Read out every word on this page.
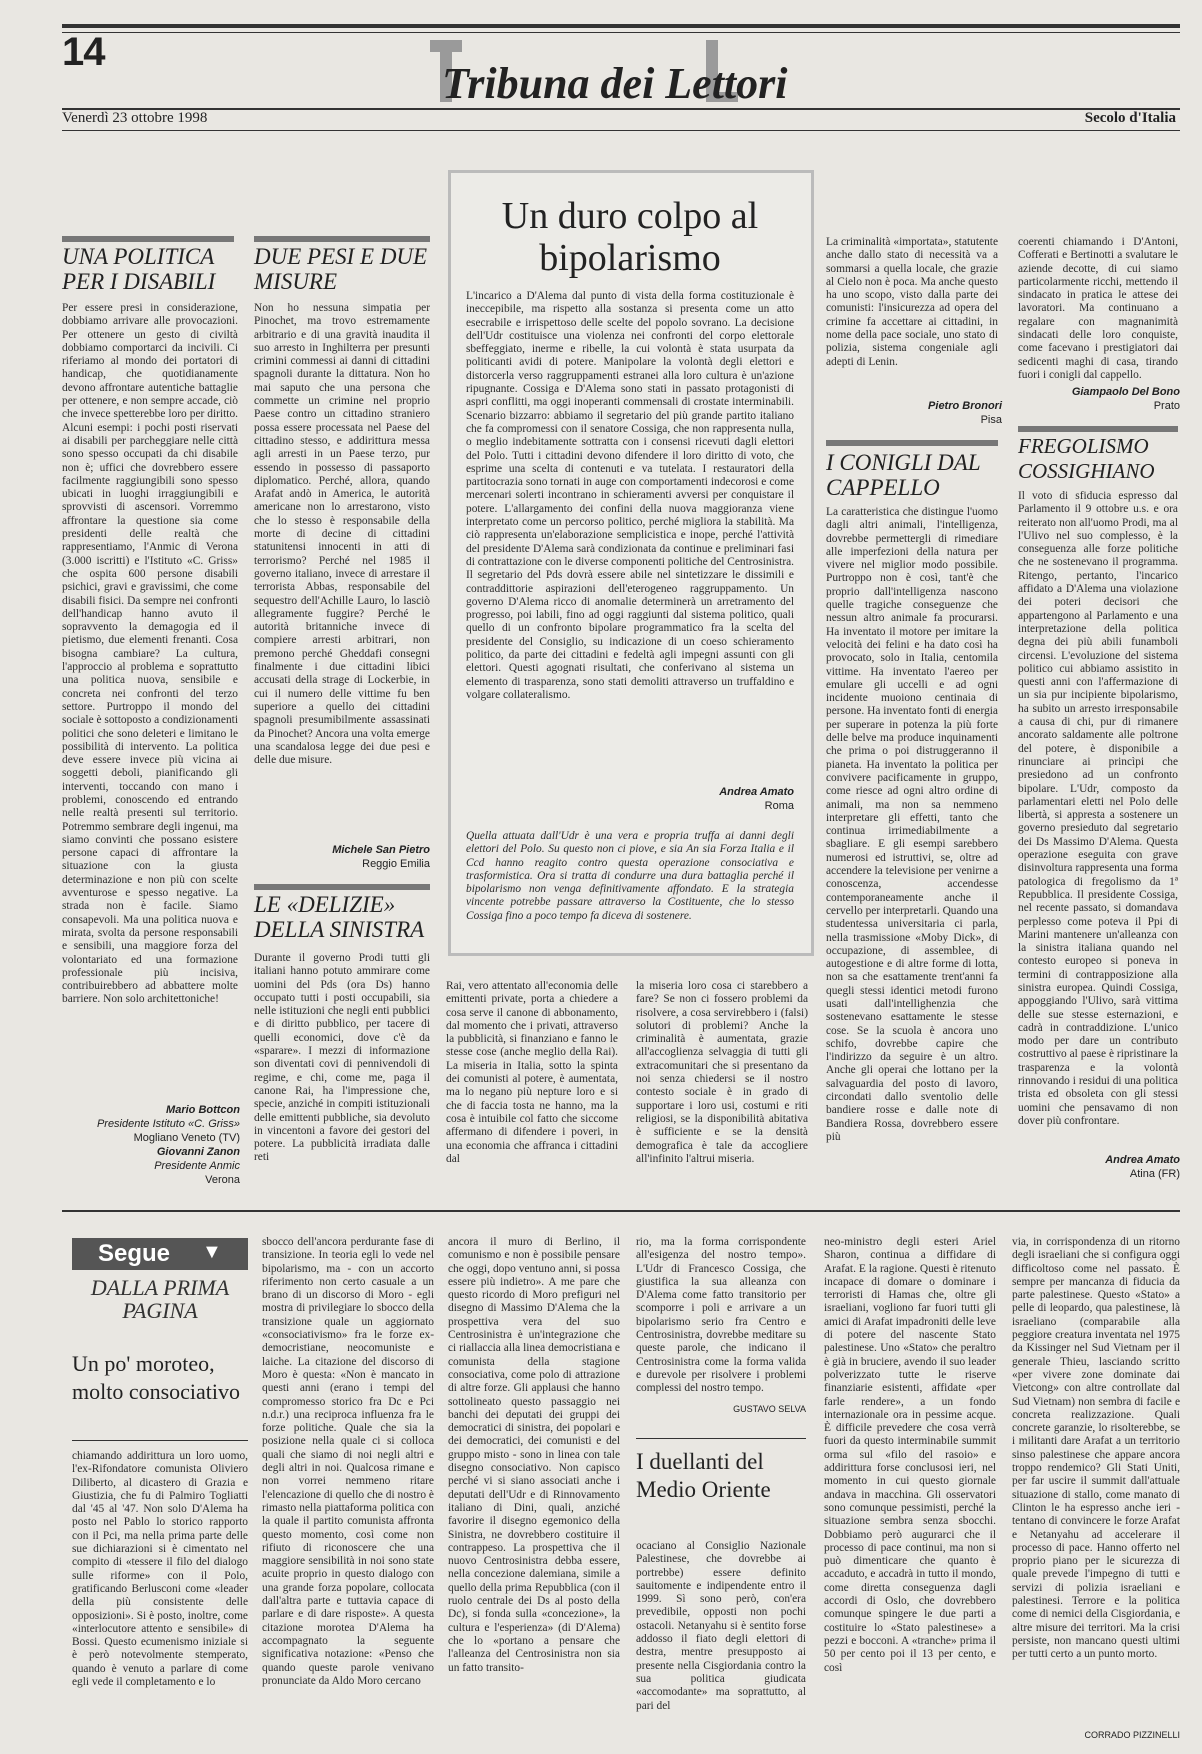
14
Tribuna dei Lettori
Venerdì 23 ottobre 1998	Secolo d'Italia
UNA POLITICA PER I DISABILI
Per essere presi in considerazione, dobbiamo arrivare alle provocazioni. Per ottenere un gesto di civiltà dobbiamo comportarci da incivili. Ci riferiamo al mondo dei portatori di handicap, che quotidianamente devono affrontare autentiche battaglie per ottenere, e non sempre accade, ciò che invece spetterebbe loro per diritto. Alcuni esempi: i pochi posti riservati ai disabili per parcheggiare nelle città sono spesso occupati da chi disabile non è; uffici che dovrebbero essere facilmente raggiungibili sono spesso ubicati in luoghi irraggiungibili e sprovvisti di ascensori. Vorremmo affrontare la questione sia come presidenti delle realtà che rappresentiamo, l'Anmic di Verona (3.000 iscritti) e l'Istituto «C. Griss» che ospita 600 persone disabili psichici, gravi e gravissimi, che come disabili fisici. Da sempre nei confronti dell'handicap hanno avuto il sopravvento la demagogia ed il pietismo, due elementi frenanti. Cosa bisogna cambiare? La cultura, l'approccio al problema e soprattutto una politica nuova, sensibile e concreta nei confronti del terzo settore. Purtroppo il mondo del sociale è sottoposto a condizionamenti politici che sono deleteri e limitano le possibilità di intervento. La politica deve essere invece più vicina ai soggetti deboli, pianificando gli interventi, toccando con mano i problemi, conoscendo ed entrando nelle realtà presenti sul territorio. Potremmo sembrare degli ingenui, ma siamo convinti che possano esistere persone capaci di affrontare la situazione con la giusta determinazione e non più con scelte avventurose e spesso negative. La strada non è facile. Siamo consapevoli. Ma una politica nuova e mirata, svolta da persone responsabili e sensibili, una maggiore forza del volontariato ed una formazione professionale più incisiva, contribuirebbero ad abbattere molte barriere. Non solo architettoniche!
Mario Bottcon
Presidente Istituto «C. Griss»
Mogliano Veneto (TV)
Giovanni Zanon
Presidente Anmic
Verona
DUE PESI E DUE MISURE
Non ho nessuna simpatia per Pinochet, ma trovo estremamente arbitrario e di una gravità inaudita il suo arresto in Inghilterra per presunti crimini commessi ai danni di cittadini spagnoli durante la dittatura. Non ho mai saputo che una persona che commette un crimine nel proprio Paese contro un cittadino straniero possa essere processata nel Paese del cittadino stesso, e addirittura messa agli arresti in un Paese terzo, pur essendo in possesso di passaporto diplomatico. Perché, allora, quando Arafat andò in America, le autorità americane non lo arrestarono, visto che lo stesso è responsabile della morte di decine di cittadini statunitensi innocenti in atti di terrorismo? Perché nel 1985 il governo italiano, invece di arrestare il terrorista Abbas, responsabile del sequestro dell'Achille Lauro, lo lasciò allegramente fuggire? Perché le autorità britanniche invece di compiere arresti arbitrari, non premono perché Gheddafi consegni finalmente i due cittadini libici accusati della strage di Lockerbie, in cui il numero delle vittime fu ben superiore a quello dei cittadini spagnoli presumibilmente assassinati da Pinochet? Ancora una volta emerge una scandalosa legge dei due pesi e delle due misure.
Michele San Pietro
Reggio Emilia
LE «DELIZIE» DELLA SINISTRA
Durante il governo Prodi tutti gli italiani hanno potuto ammirare come uomini del Pds (ora Ds) hanno occupato tutti i posti occupabili, sia nelle istituzioni che negli enti pubblici e di diritto pubblico, per tacere di quelli economici, dove c'è da «sparare». I mezzi di informazione son diventati covi di pennivendoli di regime, e chi, come me, paga il canone Rai, ha l'impressione che, specie, anziché in compiti istituzionali delle emittenti pubbliche, sia devoluto in vincentoni a favore dei gestori del potere. La pubblicità irradiata dalle reti
Un duro colpo al bipolarismo
L'incarico a D'Alema dal punto di vista della forma costituzionale è ineccepibile, ma rispetto alla sostanza si presenta come un atto esecrabile e irrispettoso delle scelte del popolo sovrano. La decisione dell'Udr costituisce una violenza nei confronti del corpo elettorale sbeffeggiato, inerme e ribelle, la cui volontà è stata usurpata da politicanti avidi di potere. Manipolare la volontà degli elettori e distorcerla verso raggruppamenti estranei alla loro cultura è un'azione ripugnante. Cossiga e D'Alema sono stati in passato protagonisti di aspri conflitti, ma oggi inoperanti commensali di crostate interminabili. Scenario bizzarro: abbiamo il segretario del più grande partito italiano che fa compromessi con il senatore Cossiga, che non rappresenta nulla, o meglio indebitamente sottratta con i consensi ricevuti dagli elettori del Polo. Tutti i cittadini devono difendere il loro diritto di voto, che esprime una scelta di contenuti e va tutelata. I restauratori della partitocrazia sono tornati in auge con comportamenti indecorosi e come mercenari solerti incontrano in schieramenti avversi per conquistare il potere. L'allargamento dei confini della nuova maggioranza viene interpretato come un percorso politico, perché migliora la stabilità. Ma ciò rappresenta un'elaborazione semplicistica e inope, perché l'attività del presidente D'Alema sarà condizionata da continue e preliminari fasi di contrattazione con le diverse componenti politiche del Centrosinistra. Il segretario del Pds dovrà essere abile nel sintetizzare le dissimili e contraddittorie aspirazioni dell'eterogeneo raggruppamento. Un governo D'Alema ricco di anomalie determinerà un arretramento del progresso, poi labili, fino ad oggi raggiunti dal sistema politico, quali quello di un confronto bipolare programmatico fra la scelta del presidente del Consiglio, su indicazione di un coeso schieramento politico, da parte dei cittadini e fedeltà agli impegni assunti con gli elettori. Questi agognati risultati, che conferivano al sistema un elemento di trasparenza, sono stati demoliti attraverso un truffaldino e volgare collateralismo.
Andrea Amato
Roma
Quella attuata dall'Udr è una vera e propria truffa ai danni degli elettori del Polo. Su questo non ci piove, e sia An sia Forza Italia e il Ccd hanno reagito contro questa operazione consociativa e trasformistica. Ora si tratta di condurre una dura battaglia perché il bipolarismo non venga definitivamente affondato. E la strategia vincente potrebbe passare attraverso la Costituente, che lo stesso Cossiga fino a poco tempo fa diceva di sostenere.
Rai, vero attentato all'economia delle emittenti private, porta a chiedere a cosa serve il canone di abbonamento, dal momento che i privati, attraverso la pubblicità, si finanziano e fanno le stesse cose (anche meglio della Rai). La miseria in Italia, sotto la spinta dei comunisti al potere, è aumentata, ma lo negano più nepture loro e si che di faccia tosta ne hanno, ma la cosa è intuibile col fatto che siccome affermano di difendere i poveri, in una economia che affranca i cittadini dal
la miseria loro cosa ci starebbero a fare? Se non ci fossero problemi da risolvere, a cosa servirebbero i (falsi) solutori di problemi? Anche la criminalità è aumentata, grazie all'accoglienza selvaggia di tutti gli extracomunitari che si presentano da noi senza chiedersi se il nostro contesto sociale è in grado di supportare i loro usi, costumi e riti religiosi, se la disponibilità abitativa è sufficiente e se la densità demografica è tale da accogliere all'infinito l'altrui miseria.
La criminalità «importata», statutente anche dallo stato di necessità va a sommarsi a quella locale, che grazie al Cielo non è poca. Ma anche questo ha uno scopo, visto dalla parte dei comunisti: l'insicurezza ad opera del crimine fa accettare ai cittadini, in nome della pace sociale, uno stato di polizia, sistema congeniale agli adepti di Lenin.
Pietro Bronori
Pisa
I CONIGLI DAL CAPPELLO
La caratteristica che distingue l'uomo dagli altri animali, l'intelligenza, dovrebbe permettergli di rimediare alle imperfezioni della natura per vivere nel miglior modo possibile. Purtroppo non è così, tant'è che proprio dall'intelligenza nascono quelle tragiche conseguenze che nessun altro animale fa procurarsi. Ha inventato il motore per imitare la velocità dei felini e ha dato così ha provocato, solo in Italia, centomila vittime. Ha inventato l'aereo per emulare gli uccelli e ad ogni incidente muoiono centinaia di persone. Ha inventato fonti di energia per superare in potenza la più forte delle belve ma produce inquinamenti che prima o poi distruggeranno il pianeta. Ha inventato la politica per convivere pacificamente in gruppo, come riesce ad ogni altro ordine di animali, ma non sa nemmeno interpretare gli effetti, tanto che continua irrimediabilmente a sbagliare. E gli esempi sarebbero numerosi ed istruttivi, se, oltre ad accendere la televisione per venirne a conoscenza, accendesse contemporaneamente anche il cervello per interpretarli. Quando una studentessa universitaria ci parla, nella trasmissione «Moby Dick», di occupazione, di assemblee, di autogestione e di altre forme di lotta, non sa che esattamente trent'anni fa quegli stessi identici metodi furono usati dall'intellighenzia che sostenevano esattamente le stesse cose. Se la scuola è ancora uno schifo, dovrebbe capire che l'indirizzo da seguire è un altro. Anche gli operai che lottano per la salvaguardia del posto di lavoro, circondati dallo sventolio delle bandiere rosse e dalle note di Bandiera Rossa, dovrebbero essere più
coerenti chiamando i D'Antoni, Cofferati e Bertinotti a svalutare le aziende decotte, di cui siamo particolarmente ricchi, mettendo il sindacato in pratica le attese dei lavoratori. Ma continuano a regalare con magnanimità sindacati delle loro conquiste, come facevano i prestigiatori dai sedicenti maghi di casa, tirando fuori i conigli dal cappello.
Giampaolo Del Bono
Prato
FREGOLISMO COSSIGHIANO
Il voto di sfiducia espresso dal Parlamento il 9 ottobre u.s. e ora reiterato non all'uomo Prodi, ma al l'Ulivo nel suo complesso, è la conseguenza alle forze politiche che ne sostenevano il programma. Ritengo, pertanto, l'incarico affidato a D'Alema una violazione dei poteri decisori che appartengono al Parlamento e una interpretazione della politica degna dei più abili funamboli circensi. L'evoluzione del sistema politico cui abbiamo assistito in questi anni con l'affermazione di un sia pur incipiente bipolarismo, ha subito un arresto irresponsabile a causa di chi, pur di rimanere ancorato saldamente alle poltrone del potere, è disponibile a rinunciare ai princìpi che presiedono ad un confronto bipolare. L'Udr, composto da parlamentari eletti nel Polo delle libertà, si appresta a sostenere un governo presieduto dal segretario dei Ds Massimo D'Alema. Questa operazione eseguita con grave disinvoltura rappresenta una forma patologica di fregolismo da 1ª Repubblica. Il presidente Cossiga, nel recente passato, si domandava perplesso come poteva il Ppi di Marini mantenere un'alleanza con la sinistra italiana quando nel contesto europeo si poneva in termini di contrapposizione alla sinistra europea. Quindi Cossiga, appoggiando l'Ulivo, sarà vittima delle sue stesse esternazioni, e cadrà in contraddizione. L'unico modo per dare un contributo costruttivo al paese è ripristinare la trasparenza e la volontà rinnovando i residui di una politica trista ed obsoleta con gli stessi uomini che pensavamo di non dover più confrontare.
Andrea Amato
Atina (FR)
Segue ▼
DALLA PRIMA PAGINA
Un po' moroteo, molto consociativo
chiamando addirittura un loro uomo, l'ex-Rifondatore comunista Oliviero Diliberto, al dicastero di Grazia e Giustizia, che fu di Palmiro Togliatti dal '45 al '47. Non solo D'Alema ha posto nel Pablo lo storico rapporto con il Pci, ma nella prima parte delle sue dichiarazioni si è cimentato nel compito di «tessere il filo del dialogo sulle riforme» con il Polo, gratificando Berlusconi come «leader della più consistente delle opposizioni». Si è posto, inoltre, come «interlocutore attento e sensibile» di Bossi. Questo ecumenismo iniziale si è però notevolmente stemperato, quando è venuto a parlare di come egli vede il completamento e lo
sbocco dell'ancora perdurante fase di transizione. In teoria egli lo vede nel bipolarismo, ma - con un accorto riferimento non certo casuale a un brano di un discorso di Moro - egli mostra di privilegiare lo sbocco della transizione quale un aggiornato «consociativismo» fra le forze ex-democristiane, neocomuniste e laiche. La citazione del discorso di Moro è questa: «Non è mancato in questi anni (erano i tempi del compromesso storico fra Dc e Pci n.d.r.) una reciproca influenza fra le forze politiche. Quale che sia la posizione nella quale ci si colloca quali che siamo di noi negli altri e degli altri in noi. Qualcosa rimane e non vorrei nemmeno ritare l'elencazione di quello che di nostro è rimasto nella piattaforma politica con la quale il partito comunista affronta questo momento, così come non rifiuto di riconoscere che una maggiore sensibilità in noi sono state acuite proprio in questo dialogo con una grande forza popolare, collocata dall'altra parte e tuttavia capace di parlare e di dare risposte». A questa citazione morotea D'Alema ha accompagnato la seguente significativa notazione: «Penso che quando queste parole venivano pronunciate da Aldo Moro cercano
ancora il muro di Berlino, il comunismo e non è possibile pensare che oggi, dopo ventuno anni, si possa essere più indietro». A me pare che questo ricordo di Moro prefiguri nel disegno di Massimo D'Alema che la prospettiva vera del suo Centrosinistra è un'integrazione che ci riallaccia alla linea democristiana e comunista della stagione consociativa, come polo di attrazione di altre forze. Gli applausi che hanno sottolineato questo passaggio nei banchi dei deputati dei gruppi dei democratici di sinistra, dei popolari e dei democratici, dei comunisti e del gruppo misto - sono in linea con tale disegno consociativo. Non capisco perché vi si siano associati anche i deputati dell'Udr e di Rinnovamento italiano di Dini, quali, anziché favorire il disegno egemonico della Sinistra, ne dovrebbero costituire il contrappeso. La prospettiva che il nuovo Centrosinistra debba essere, nella concezione dalemiana, simile a quello della prima Repubblica (con il ruolo centrale dei Ds al posto della Dc), si fonda sulla «concezione», la cultura e l'esperienza» (di D'Alema) che lo «portano a pensare che l'alleanza del Centrosinistra non sia un fatto transito-
rio, ma la forma corrispondente all'esigenza del nostro tempo». L'Udr di Francesco Cossiga, che giustifica la sua alleanza con D'Alema come fatto transitorio per scomporre i poli e arrivare a un bipolarismo serio fra Centro e Centrosinistra, dovrebbe meditare su queste parole, che indicano il Centrosinistra come la forma valida e durevole per risolvere i problemi complessi del nostro tempo.
GUSTAVO SELVA
I duellanti del Medio Oriente
ocaciano al Consiglio Nazionale Palestinese, che dovrebbe ai portrebbe) essere definito sauitomente e indipendente entro il 1999. Sì sono però, con'era prevedibile, opposti non pochi ostacoli. Netanyahu si è sentito forse addosso il fiato degli elettori di destra, mentre presupposto ai presente nella Cisgiordania contro la sua politica giudicata «accomodante» ma soprattutto, al pari del
neo-ministro degli esteri Ariel Sharon, continua a diffidare di Arafat. E la ragione. Questi è ritenuto incapace di domare o dominare i terroristi di Hamas che, oltre gli israeliani, vogliono far fuori tutti gli amici di Arafat impadroniti delle leve di potere del nascente Stato palestinese. Uno «Stato» che peraltro è già in bruciere, avendo il suo leader polverizzato tutte le riserve finanziarie esistenti, affidate «per farle rendere», a un fondo internazionale ora in pessime acque. È difficile prevedere che cosa verrà fuori da questo interminabile summit orma sul «filo del rasoio» e addirittura forse conclusosi ieri, nel momento in cui questo giornale andava in macchina. Gli osservatori sono comunque pessimisti, perché la situazione sembra senza sbocchi. Dobbiamo però augurarci che il processo di pace continui, ma non si può dimenticare che quanto è accaduto, e accadrà in tutto il mondo, come diretta conseguenza dagli accordi di Oslo, che dovrebbero comunque spingere le due parti a costituire lo «Stato palestinese» a pezzi e bocconi. A «tranche» prima il 50 per cento poi il 13 per cento, e così
via, in corrispondenza di un ritorno degli israeliani che si configura oggi difficoltoso come nel passato. È sempre per mancanza di fiducia da parte palestinese. Questo «Stato» a pelle di leopardo, qua palestinese, là israeliano (comparabile alla peggiore creatura inventata nel 1975 da Kissinger nel Sud Vietnam per il generale Thieu, lasciando scritto «per vivere zone dominate dai Vietcong» con altre controllate dal Sud Vietnam) non sembra di facile e concreta realizzazione. Quali concrete garanzie, lo risolterebbe, se i militanti dare Arafat a un territorio sinso palestinese che appare ancora troppo rendemico? Gli Stati Uniti, per far uscire il summit dall'attuale situazione di stallo, come manato di Clinton le ha espresso anche ieri - tentano di convincere le forze Arafat e Netanyahu ad accelerare il processo di pace. Hanno offerto nel proprio piano per le sicurezza di quale prevede l'impegno di tutti e servizi di polizia israeliani e palestinesi. Terrore e la politica come di nemici della Cisgiordania, e altre misure dei territori. Ma la crisi persiste, non mancano questi ultimi per tutti certo a un punto morto.
CORRADO PIZZINELLI
